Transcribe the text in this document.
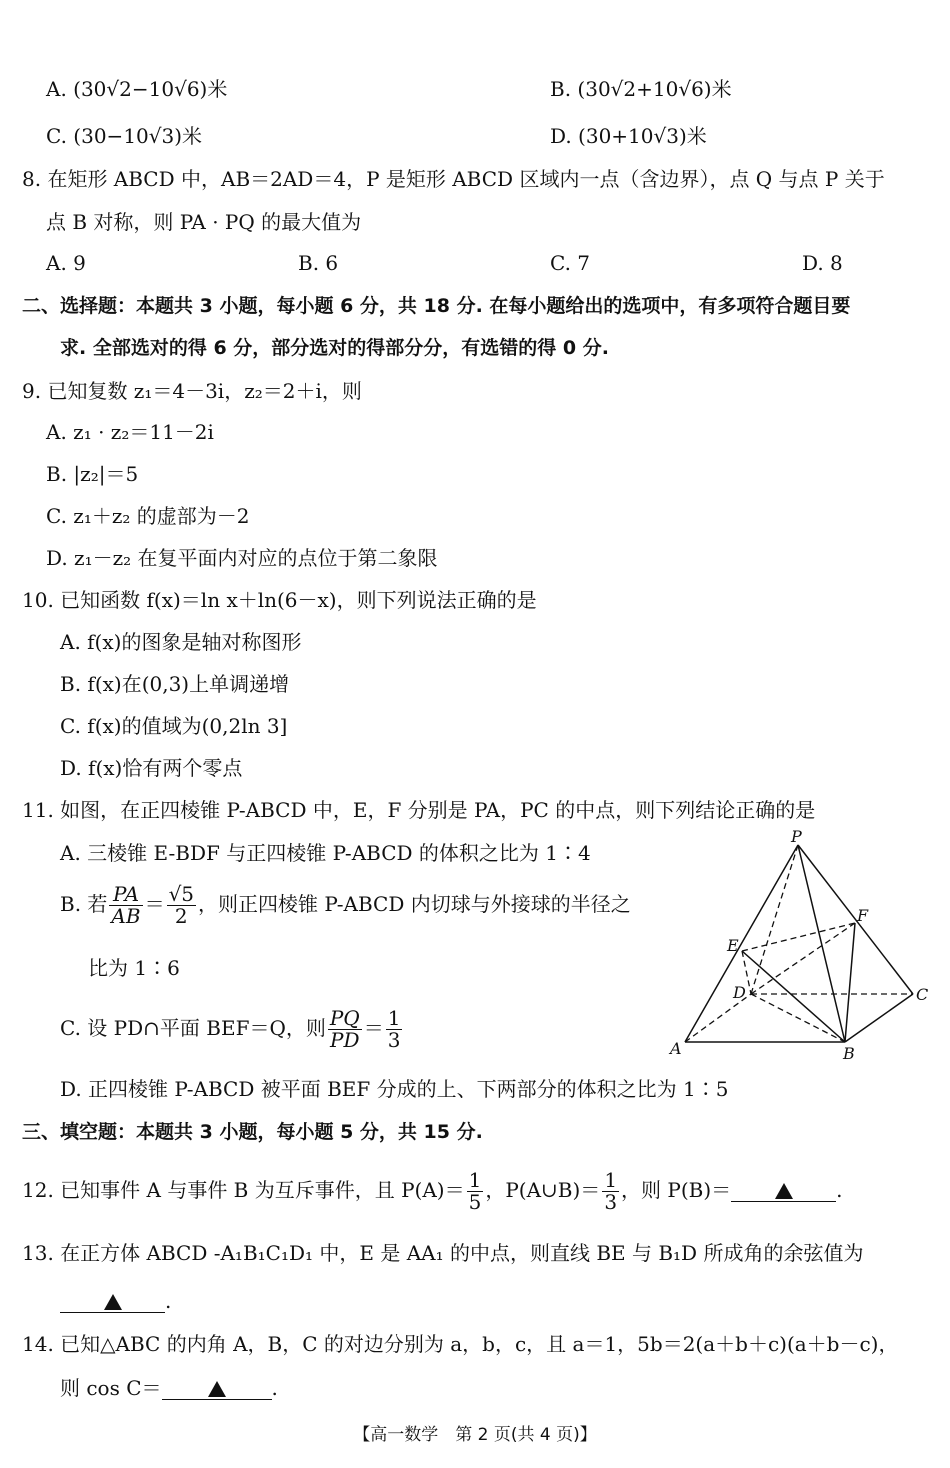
A. (30√2−10√6)米	B. (30√2+10√6)米
C. (30−10√3)米	D. (30+10√3)米
8. 在矩形 ABCD 中，AB＝2AD＝4，P 是矩形 ABCD 区域内一点（含边界），点 Q 与点 P 关于
点 B 对称，则 PA · PQ 的最大值为
A. 9	B. 6	C. 7	D. 8
二、选择题：本题共 3 小题，每小题 6 分，共 18 分. 在每小题给出的选项中，有多项符合题目要
求. 全部选对的得 6 分，部分选对的得部分分，有选错的得 0 分.
9. 已知复数 z₁＝4－3i，z₂＝2＋i，则
A. z₁ · z₂＝11－2i
B. |z₂|＝5
C. z₁＋z₂ 的虚部为－2
D. z₁－z₂ 在复平面内对应的点位于第二象限
10. 已知函数 f(x)＝ln x＋ln(6－x)，则下列说法正确的是
A. f(x)的图象是轴对称图形
B. f(x)在(0,3)上单调递增
C. f(x)的值域为(0,2ln 3]
D. f(x)恰有两个零点
11. 如图，在正四棱锥 P-ABCD 中，E，F 分别是 PA，PC 的中点，则下列结论正确的是
A. 三棱锥 E-BDF 与正四棱锥 P-ABCD 的体积之比为 1∶4
B. 若 $\frac{PA}{AB} = \frac{√5}{2}$ ，则正四棱锥 P-ABCD 内切球与外接球的半径之
比为 1∶6
C. 设 PD∩平面 BEF＝Q，则 $\frac{PQ}{PD} = \frac{1}{3}$
D. 正四棱锥 P-ABCD 被平面 BEF 分成的上、下两部分的体积之比为 1∶5
P
E
F
D	C
A	B
三、填空题：本题共 3 小题，每小题 5 分，共 15 分.
12. 已知事件 A 与事件 B 为互斥事件，且 $P(A)= \frac{1}{5}$ ，P(A∪B)＝ $\frac{1}{3}$ ，则 P(B)＝	.
13. 在正方体 ABCD -A₁B₁C₁D₁ 中，E 是 AA₁ 的中点，则直线 BE 与 B₁D 所成角的余弦值为
.
14. 已知△ABC 的内角 A，B，C 的对边分别为 a，b，c，且 a＝1，5b＝2(a＋b＋c)(a＋b－c)，
则 cos C＝	.
【高一数学　第 2 页(共 4 页)】
